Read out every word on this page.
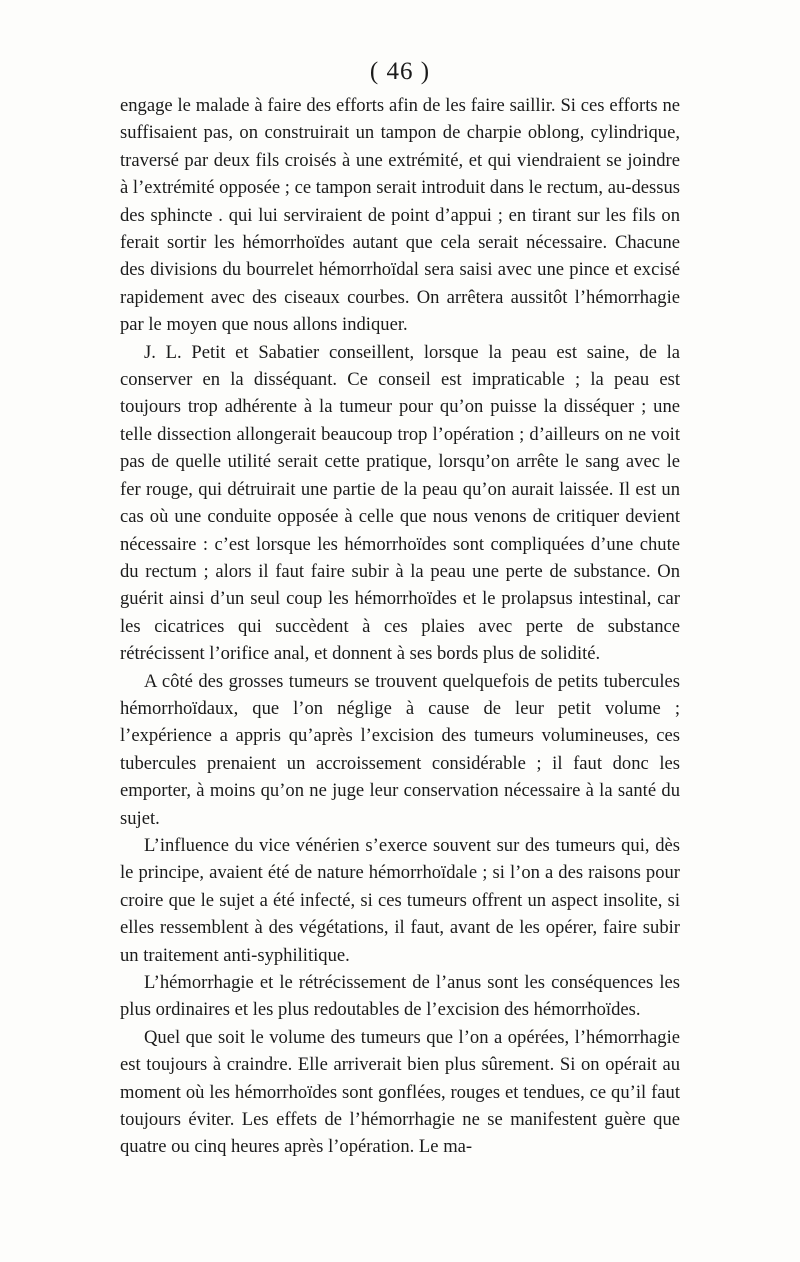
( 46 )

engage le malade à faire des efforts afin de les faire saillir. Si ces efforts ne suffisaient pas, on construirait un tampon de charpie oblong, cylindrique, traversé par deux fils croisés à une extrémité, et qui viendraient se joindre à l’extrémité opposée ; ce tampon serait introduit dans le rectum, au-dessus des sphincte . qui lui serviraient de point d’appui ; en tirant sur les fils on ferait sortir les hémorrhoïdes autant que cela serait nécessaire. Chacune des divisions du bourrelet hémorrhoïdal sera saisi avec une pince et excisé rapidement avec des ciseaux courbes. On arrêtera aussitôt l’hémorrhagie par le moyen que nous allons indiquer.

J. L. Petit et Sabatier conseillent, lorsque la peau est saine, de la conserver en la disséquant. Ce conseil est impraticable ; la peau est toujours trop adhérente à la tumeur pour qu’on puisse la disséquer ; une telle dissection allongerait beaucoup trop l’opération ; d’ailleurs on ne voit pas de quelle utilité serait cette pratique, lorsqu’on arrête le sang avec le fer rouge, qui détruirait une partie de la peau qu’on aurait laissée. Il est un cas où une conduite opposée à celle que nous venons de critiquer devient nécessaire : c’est lorsque les hémorrhoïdes sont compliquées d’une chute du rectum ; alors il faut faire subir à la peau une perte de substance. On guérit ainsi d’un seul coup les hémorrhoïdes et le prolapsus intestinal, car les cicatrices qui succèdent à ces plaies avec perte de substance rétrécissent l’orifice anal, et donnent à ses bords plus de solidité.

A côté des grosses tumeurs se trouvent quelquefois de petits tubercules hémorrhoïdaux, que l’on néglige à cause de leur petit volume ; l’expérience a appris qu’après l’excision des tumeurs volumineuses, ces tubercules prenaient un accroissement considérable ; il faut donc les emporter, à moins qu’on ne juge leur conservation nécessaire à la santé du sujet.

L’influence du vice vénérien s’exerce souvent sur des tumeurs qui, dès le principe, avaient été de nature hémorrhoïdale ; si l’on a des raisons pour croire que le sujet a été infecté, si ces tumeurs offrent un aspect insolite, si elles ressemblent à des végétations, il faut, avant de les opérer, faire subir un traitement anti-syphilitique.

L’hémorrhagie et le rétrécissement de l’anus sont les conséquences les plus ordinaires et les plus redoutables de l’excision des hémorrhoïdes.

Quel que soit le volume des tumeurs que l’on a opérées, l’hémorrhagie est toujours à craindre. Elle arriverait bien plus sûrement. Si on opérait au moment où les hémorrhoïdes sont gonflées, rouges et tendues, ce qu’il faut toujours éviter. Les effets de l’hémorrhagie ne se manifestent guère que quatre ou cinq heures après l’opération. Le ma-
